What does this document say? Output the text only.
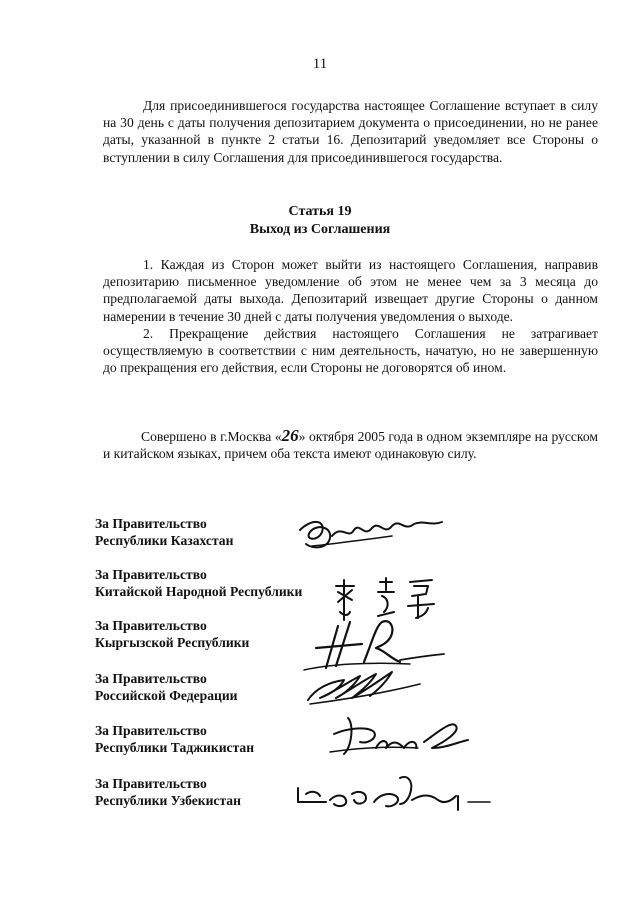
11

Для присоединившегося государства настоящее Соглашение вступает в силу на 30 день с даты получения депозитарием документа о присоединении, но не ранее даты, указанной в пункте 2 статьи 16. Депозитарий уведомляет все Стороны о вступлении в силу Соглашения для присоединившегося государства.

Статья 19
Выход из Соглашения

1. Каждая из Сторон может выйти из настоящего Соглашения, направив депозитарию письменное уведомление об этом не менее чем за 3 месяца до предполагаемой даты выхода. Депозитарий извещает другие Стороны о данном намерении в течение 30 дней с даты получения уведомления о выходе.

2. Прекращение действия настоящего Соглашения не затрагивает осуществляемую в соответствии с ним деятельность, начатую, но не завершенную до прекращения его действия, если Стороны не договорятся об ином.

Совершено в г.Москва «26» октября 2005 года в одном экземпляре на русском и китайском языках, причем оба текста имеют одинаковую силу.

За Правительство
Республики Казахстан
За Правительство
Китайской Народной Республики
За Правительство
Кыргызской Республики
За Правительство
Российской Федерации
За Правительство
Республики Таджикистан
За Правительство
Республики Узбекистан
